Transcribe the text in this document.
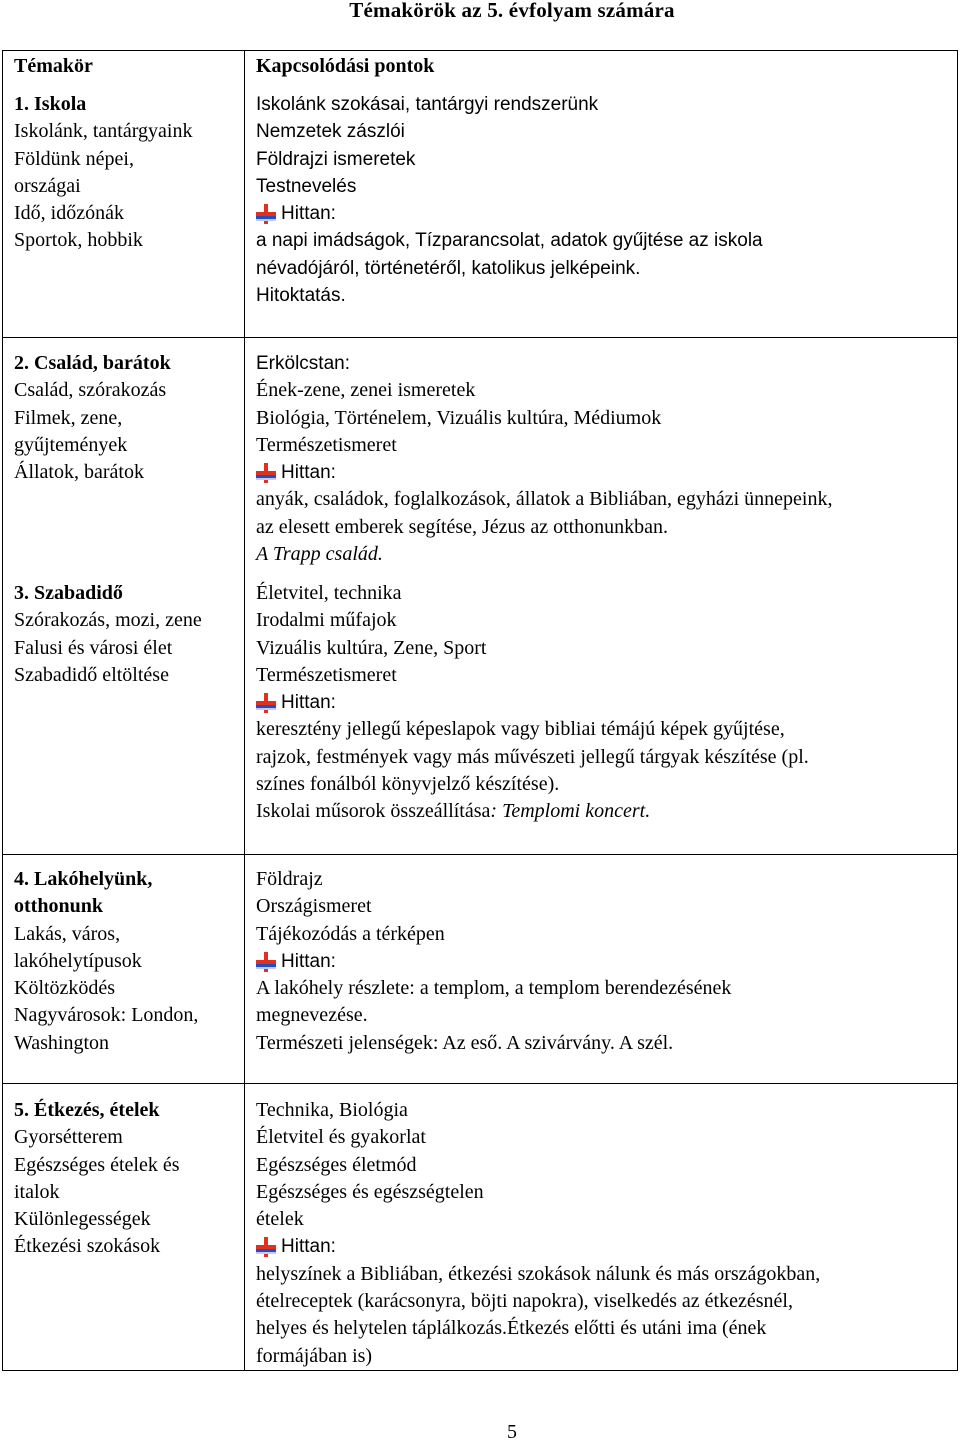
Témakörök az 5. évfolyam számára
Témakör	Kapcsolódási pontok
1. Iskola
Iskolánk, tantárgyaink
Földünk népei,
országai
Idő, időzónák
Sportok, hobbik
Iskolánk szokásai, tantárgyi rendszerünk
Nemzetek zászlói
Földrajzi ismeretek
Testnevelés
Hittan:
a napi imádságok, Tízparancsolat, adatok gyűjtése az iskola
névadójáról, történetéről, katolikus jelképeink.
Hitoktatás.
2. Család, barátok
Család, szórakozás
Filmek, zene,
gyűjtemények
Állatok, barátok
Erkölcstan:
Ének-zene, zenei ismeretek
Biológia, Történelem, Vizuális kultúra, Médiumok
Természetismeret
Hittan:
anyák, családok, foglalkozások, állatok a Bibliában, egyházi ünnepeink,
az elesett emberek segítése, Jézus az otthonunkban.
A Trapp család.
3. Szabadidő
Szórakozás, mozi, zene
Falusi és városi élet
Szabadidő eltöltése
Életvitel, technika
Irodalmi műfajok
Vizuális kultúra, Zene, Sport
Természetismeret
Hittan:
keresztény jellegű képeslapok vagy bibliai témájú képek gyűjtése,
rajzok, festmények vagy más művészeti jellegű tárgyak készítése (pl.
színes fonálból könyvjelző készítése).
Iskolai műsorok összeállítása: Templomi koncert.
4. Lakóhelyünk,
otthonunk
Lakás, város,
lakóhelytípusok
Költözködés
Nagyvárosok: London,
Washington
Földrajz
Országismeret
Tájékozódás a térképen
Hittan:
A lakóhely részlete: a templom, a templom berendezésének
megnevezése.
Természeti jelenségek: Az eső. A szivárvány. A szél.
5. Étkezés, ételek
Gyorsétterem
Egészséges ételek és
italok
Különlegességek
Étkezési szokások
Technika, Biológia
Életvitel és gyakorlat
Egészséges életmód
Egészséges és egészségtelen
ételek
Hittan:
helyszínek a Bibliában, étkezési szokások nálunk és más országokban,
ételreceptek (karácsonyra, böjti napokra), viselkedés az étkezésnél,
helyes és helytelen táplálkozás.Étkezés előtti és utáni ima (ének
formájában is)
5
